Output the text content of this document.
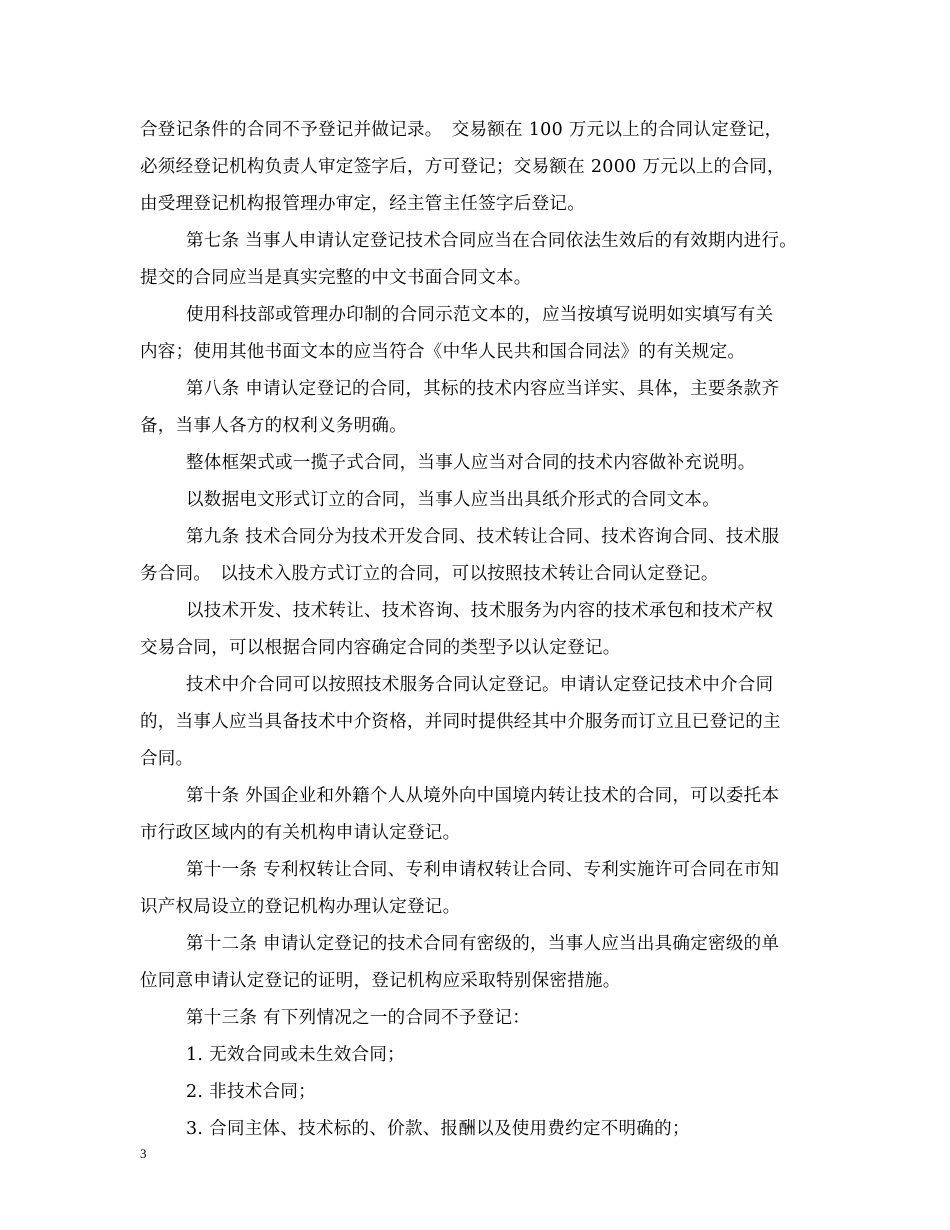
合登记条件的合同不予登记并做记录。　交易额在 100 万元以上的合同认定登记，
必须经登记机构负责人审定签字后，方可登记；交易额在 2000 万元以上的合同，
由受理登记机构报管理办审定，经主管主任签字后登记。
第七条 当事人申请认定登记技术合同应当在合同依法生效后的有效期内进行。
提交的合同应当是真实完整的中文书面合同文本。
使用科技部或管理办印制的合同示范文本的，应当按填写说明如实填写有关
内容；使用其他书面文本的应当符合《中华人民共和国合同法》的有关规定。
第八条 申请认定登记的合同，其标的技术内容应当详实、具体，主要条款齐
备，当事人各方的权利义务明确。
整体框架式或一揽子式合同，当事人应当对合同的技术内容做补充说明。
以数据电文形式订立的合同，当事人应当出具纸介形式的合同文本。
第九条 技术合同分为技术开发合同、技术转让合同、技术咨询合同、技术服
务合同。　以技术入股方式订立的合同，可以按照技术转让合同认定登记。
以技术开发、技术转让、技术咨询、技术服务为内容的技术承包和技术产权
交易合同，可以根据合同内容确定合同的类型予以认定登记。
技术中介合同可以按照技术服务合同认定登记。申请认定登记技术中介合同
的，当事人应当具备技术中介资格，并同时提供经其中介服务而订立且已登记的主
合同。
第十条 外国企业和外籍个人从境外向中国境内转让技术的合同，可以委托本
市行政区域内的有关机构申请认定登记。
第十一条 专利权转让合同、专利申请权转让合同、专利实施许可合同在市知
识产权局设立的登记机构办理认定登记。
第十二条 申请认定登记的技术合同有密级的，当事人应当出具确定密级的单
位同意申请认定登记的证明，登记机构应采取特别保密措施。
第十三条 有下列情况之一的合同不予登记：
1. 无效合同或未生效合同；
2. 非技术合同；
3. 合同主体、技术标的、价款、报酬以及使用费约定不明确的；
3
